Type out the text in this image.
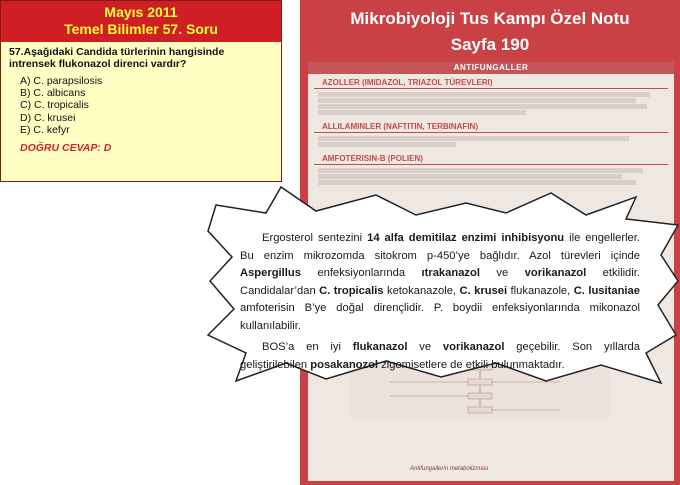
Mayıs 2011
Temel Bilimler 57. Soru
57.Aşağıdaki Candida türlerinin hangisinde intrensek flukonazol direnci vardır?
A) C. parapsilosis
B) C. albicans
C) C. tropicalis
D) C. krusei
E) C. kefyr
DOĞRU CEVAP: D
Mikrobiyoloji Tus Kampı Özel Notu
Sayfa 190
ANTIFUNGALLER
AZOLLER (IMIDAZOL, TRIAZOL TÜREVLERI)
ALLILAMINLER (NAFTITIN, TERBINAFIN)
AMFOTERISIN-B (POLIEN)
Antifungallerin metabolizması

Ergosterol sentezini 14 alfa demitilaz enzimi inhibisyonu ile engellerler. Bu enzim mikrozomda sitokrom p-450’ye bağlıdır. Azol türevleri içinde Aspergillus enfeksiyonlarında ıtrakanazol ve vorikanazol etkilidir. Candidalar’dan C. tropicalis ketokanazole, C. krusei flukanazole, C. lusitaniae amfoterisin B’ye doğal dirençlidir. P. boydii enfeksiyonlarında mikonazol kullanılabilir.

BOS’a en iyi flukanazol ve vorikanazol geçebilir. Son yıllarda geliştirilebilen posakanozol zigomisetlere de etkili bulunmaktadır.
